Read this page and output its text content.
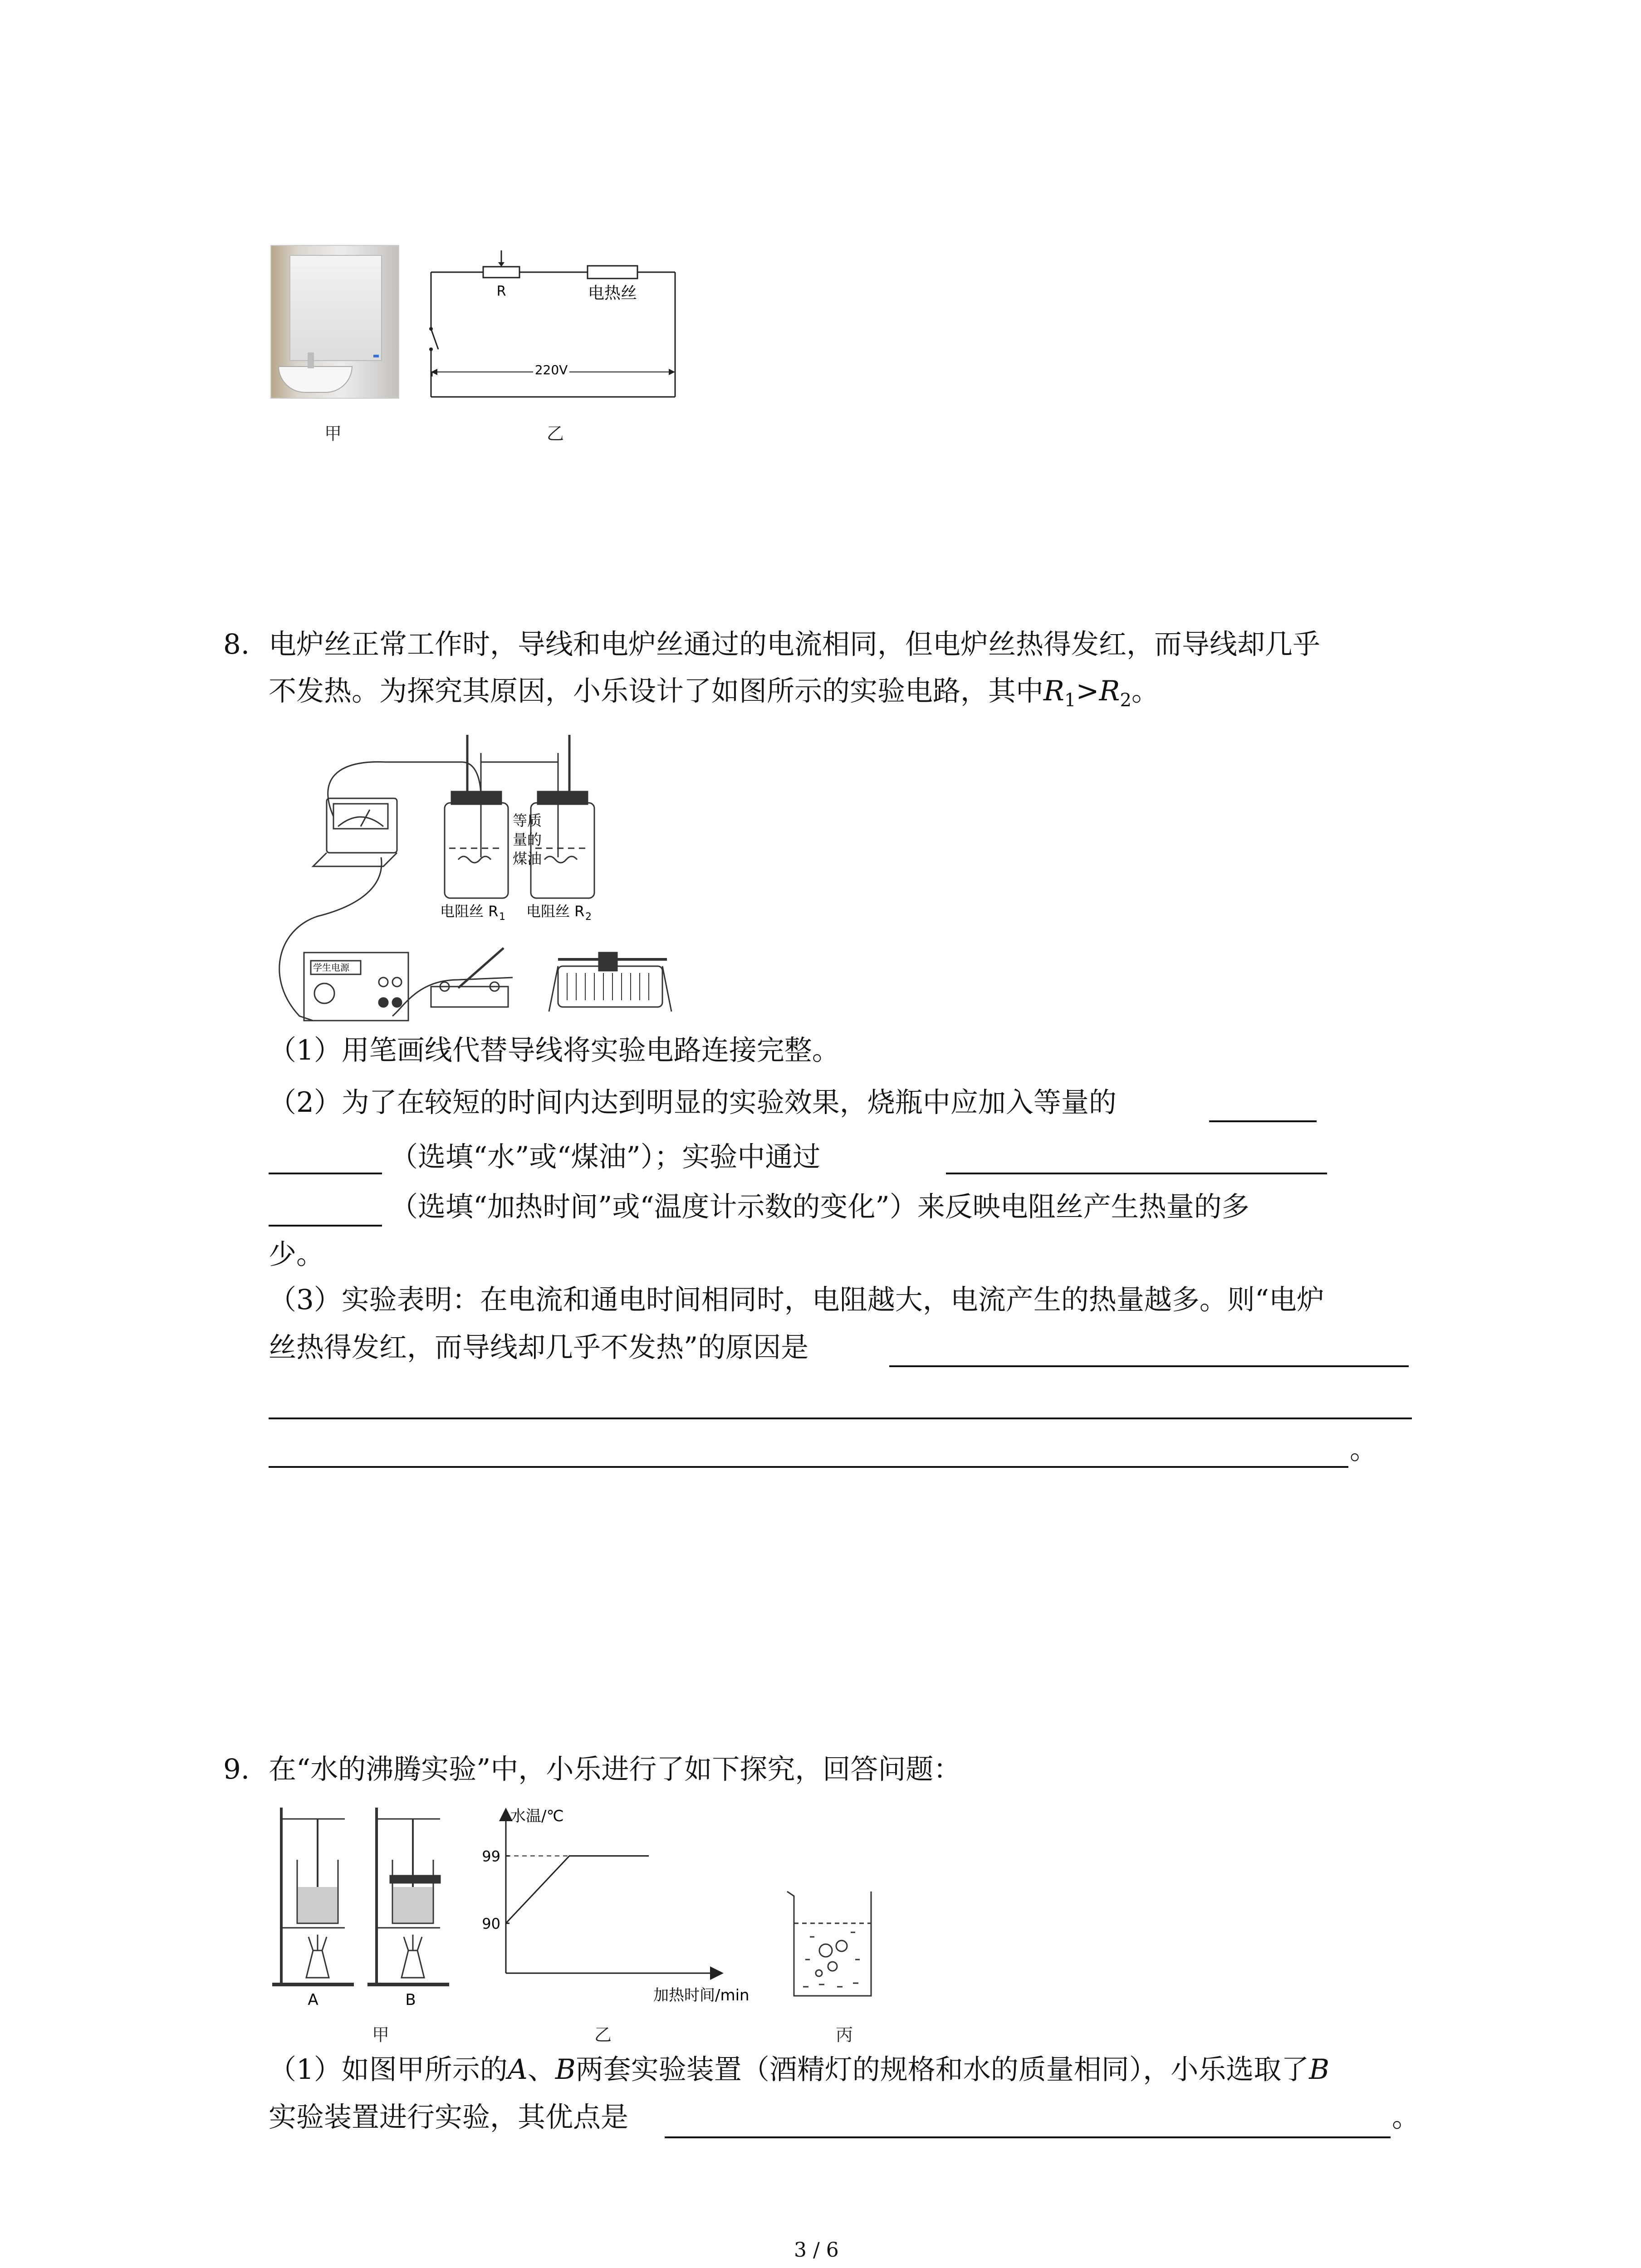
R	电热丝
220V
甲	乙
8. 电炉丝正常工作时，导线和电炉丝通过的电流相同，但电炉丝热得发红，而导线却几乎
不发热。为探究其原因，小乐设计了如图所示的实验电路，其中$R_1>R_2$。
等质
量的
煤油
电阻丝 R 1 电阻丝 R 2
学生电源
（1）用笔画线代替导线将实验电路连接完整。
（2）为了在较短的时间内达到明显的实验效果，烧瓶中应加入等量的
（选填“水”或“煤油”）；实验中通过
（选填“加热时间”或“温度计示数的变化”）来反映电阻丝产生热量的多
少。
（3）实验表明：在电流和通电时间相同时，电阻越大，电流产生的热量越多。则“电炉
丝热得发红，而导线却几乎不发热”的原因是
。
9. 在“水的沸腾实验”中，小乐进行了如下探究，回答问题：
A	B
水温/℃
加热时间/min
90
99
甲	乙	丙
（1）如图甲所示的A、B两套实验装置（酒精灯的规格和水的质量相同），小乐选取了B
实验装置进行实验，其优点是	。
3 / 6
